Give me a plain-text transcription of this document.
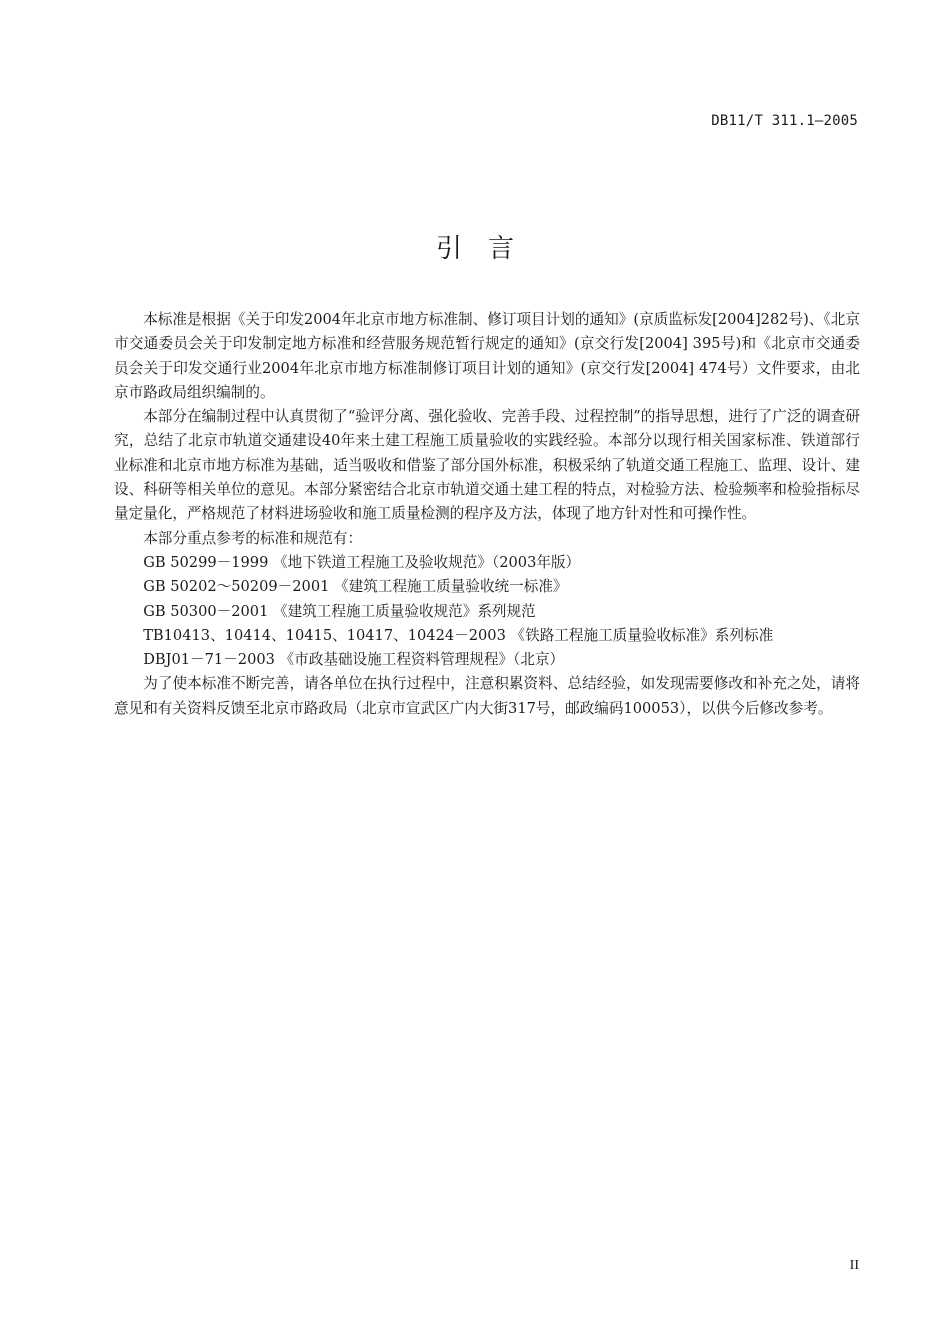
DB11/T 311.1—2005
引言

本标准是根据《关于印发2004年北京市地方标准制、修订项目计划的通知》(京质监标发[2004]282号)、《北京市交通委员会关于印发制定地方标准和经营服务规范暂行规定的通知》(京交行发[2004] 395号)和《北京市交通委员会关于印发交通行业2004年北京市地方标准制修订项目计划的通知》(京交行发[2004] 474号）文件要求，由北京市路政局组织编制的。

本部分在编制过程中认真贯彻了“验评分离、强化验收、完善手段、过程控制”的指导思想，进行了广泛的调查研究，总结了北京市轨道交通建设40年来土建工程施工质量验收的实践经验。本部分以现行相关国家标准、铁道部行业标准和北京市地方标准为基础，适当吸收和借鉴了部分国外标准，积极采纳了轨道交通工程施工、监理、设计、建设、科研等相关单位的意见。本部分紧密结合北京市轨道交通土建工程的特点，对检验方法、检验频率和检验指标尽量定量化，严格规范了材料进场验收和施工质量检测的程序及方法，体现了地方针对性和可操作性。

本部分重点参考的标准和规范有：

GB 50299－1999 《地下铁道工程施工及验收规范》（2003年版）

GB 50202～50209－2001 《建筑工程施工质量验收统一标准》

GB 50300－2001 《建筑工程施工质量验收规范》系列规范

TB10413、10414、10415、10417、10424－2003 《铁路工程施工质量验收标准》系列标准

DBJ01－71－2003 《市政基础设施工程资料管理规程》（北京）

为了使本标准不断完善，请各单位在执行过程中，注意积累资料、总结经验，如发现需要修改和补充之处，请将意见和有关资料反馈至北京市路政局（北京市宣武区广内大街317号，邮政编码100053），以供今后修改参考。

II
